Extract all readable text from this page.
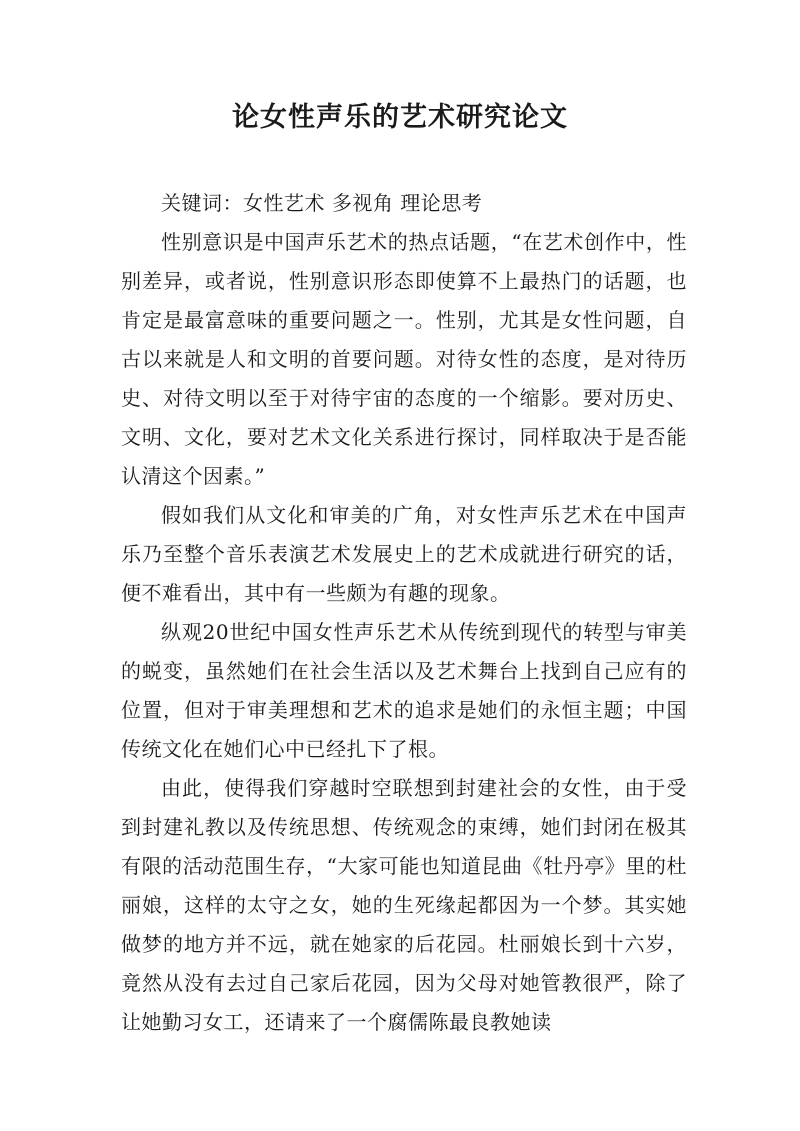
论女性声乐的艺术研究论文

关键词：女性艺术 多视角 理论思考

性别意识是中国声乐艺术的热点话题，“在艺术创作中，性别差异，或者说，性别意识形态即使算不上最热门的话题，也肯定是最富意味的重要问题之一。性别，尤其是女性问题，自古以来就是人和文明的首要问题。对待女性的态度，是对待历史、对待文明以至于对待宇宙的态度的一个缩影。要对历史、文明、文化，要对艺术文化关系进行探讨，同样取决于是否能认清这个因素。”

假如我们从文化和审美的广角，对女性声乐艺术在中国声乐乃至整个音乐表演艺术发展史上的艺术成就进行研究的话，便不难看出，其中有一些颇为有趣的现象。

纵观20世纪中国女性声乐艺术从传统到现代的转型与审美的蜕变，虽然她们在社会生活以及艺术舞台上找到自己应有的位置，但对于审美理想和艺术的追求是她们的永恒主题；中国传统文化在她们心中已经扎下了根。

由此，使得我们穿越时空联想到封建社会的女性，由于受到封建礼教以及传统思想、传统观念的束缚，她们封闭在极其有限的活动范围生存，“大家可能也知道昆曲《牡丹亭》里的杜丽娘，这样的太守之女，她的生死缘起都因为一个梦。其实她做梦的地方并不远，就在她家的后花园。杜丽娘长到十六岁，竟然从没有去过自己家后花园，因为父母对她管教很严，除了让她勤习女工，还请来了一个腐儒陈最良教她读
